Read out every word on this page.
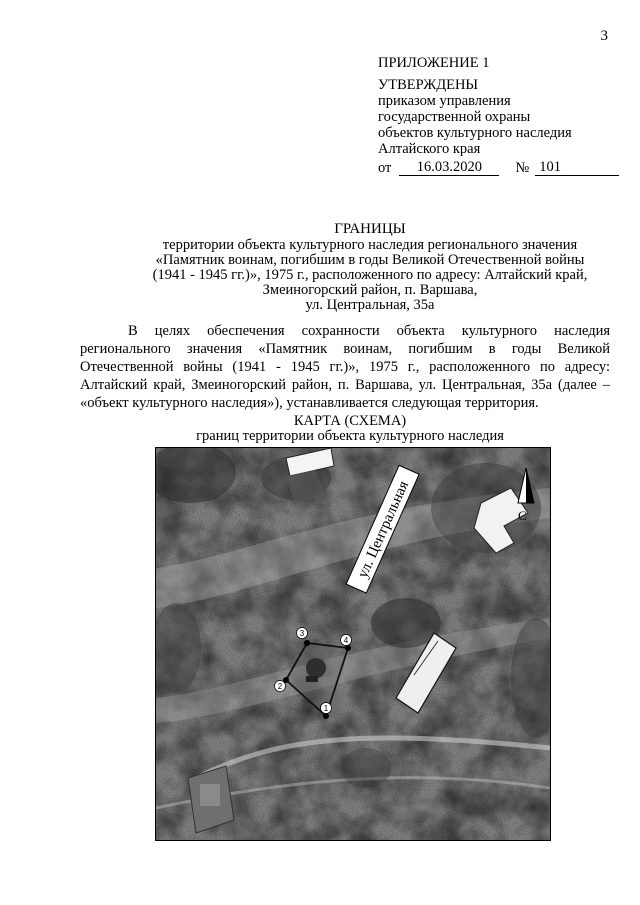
3
ПРИЛОЖЕНИЕ 1
УТВЕРЖДЕНЫ
приказом управления
государственной охраны
объектов культурного наследия
Алтайского края
от	16.03.2020	№ 101
ГРАНИЦЫ
территории объекта культурного наследия регионального значения
«Памятник воинам, погибшим в годы Великой Отечественной войны
(1941 - 1945 гг.)», 1975 г., расположенного по адресу: Алтайский край,
Змеиногорский район, п. Варшава,
ул. Центральная, 35а
В целях обеспечения сохранности объекта культурного наследия регионального значения «Памятник воинам, погибшим в годы Великой Отечественной войны (1941 - 1945 гг.)», 1975 г., расположенного по адресу: Алтайский край, Змеиногорский район, п. Варшава, ул. Центральная, 35а (далее – «объект культурного наследия»), устанавливается следующая территория.
КАРТА (СХЕМА)
границ территории объекта культурного наследия
ул. Центральная	С
1
2
3
4
